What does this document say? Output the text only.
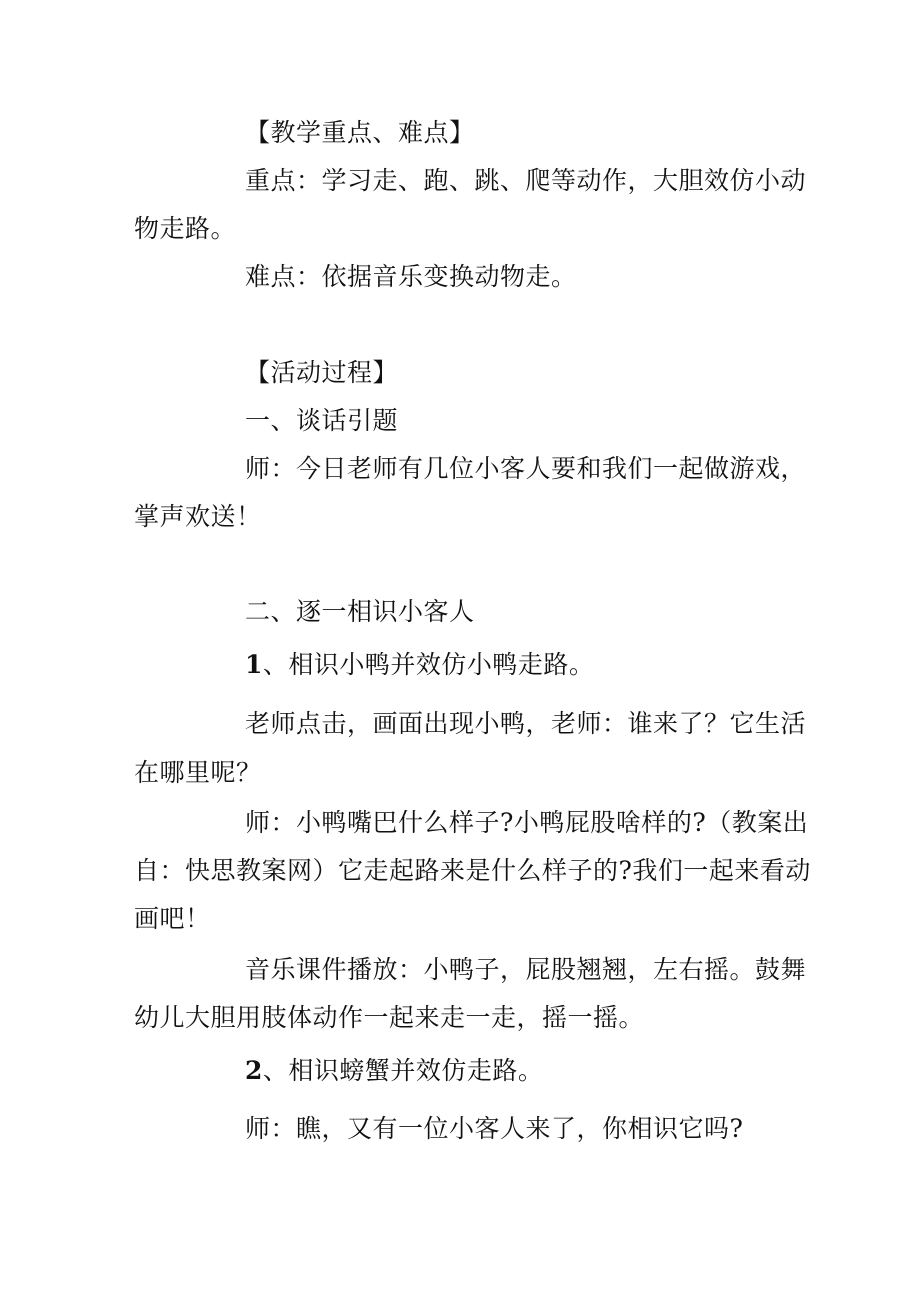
【教学重点、难点】
重点：学习走、跑、跳、爬等动作，大胆效仿小动
物走路。
难点：依据音乐变换动物走。
【活动过程】
一、谈话引题
师：今日老师有几位小客人要和我们一起做游戏，
掌声欢送！
二、逐一相识小客人
1、相识小鸭并效仿小鸭走路。
老师点击，画面出现小鸭，老师：谁来了？它生活
在哪里呢？
师：小鸭嘴巴什么样子?小鸭屁股啥样的?（教案出
自：快思教案网）它走起路来是什么样子的?我们一起来看动
画吧！
音乐课件播放：小鸭子，屁股翘翘，左右摇。鼓舞
幼儿大胆用肢体动作一起来走一走，摇一摇。
2、相识螃蟹并效仿走路。
师：瞧，又有一位小客人来了，你相识它吗?
